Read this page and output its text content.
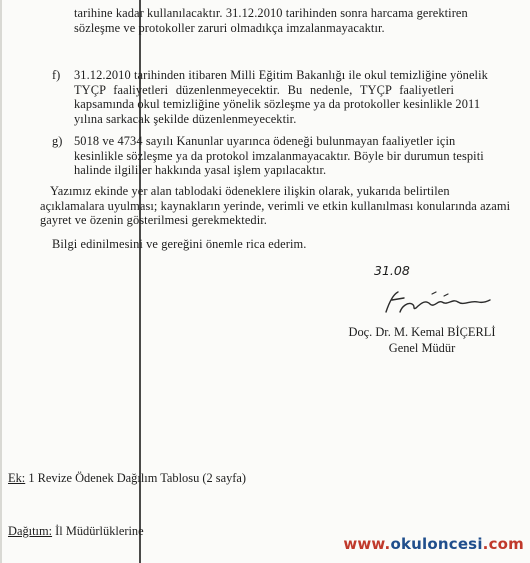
tarihine kadar kullanılacaktır. 31.12.2010 tarihinden sonra harcama gerektiren
sözleşme ve protokoller zaruri olmadıkça imzalanmayacaktır.
f) 31.12.2010 tarihinden itibaren Milli Eğitim Bakanlığı ile okul temizliğine yönelik
TYÇP faaliyetleri düzenlenmeyecektir. Bu nedenle, TYÇP faaliyetleri
kapsamında okul temizliğine yönelik sözleşme ya da protokoller kesinlikle 2011
yılına sarkacak şekilde düzenlenmeyecektir.
g) 5018 ve 4734 sayılı Kanunlar uyarınca ödeneği bulunmayan faaliyetler için
kesinlikle sözleşme ya da protokol imzalanmayacaktır. Böyle bir durumun tespiti
halinde ilgililer hakkında yasal işlem yapılacaktır.
Yazımız ekinde yer alan tablodaki ödeneklere ilişkin olarak, yukarıda belirtilen
açıklamalara uyulması; kaynakların yerinde, verimli ve etkin kullanılması konularında azami
gayret ve özenin gösterilmesi gerekmektedir.
Bilgi edinilmesini ve gereğini önemle rica ederim.
31.08
Doç. Dr. M. Kemal BİÇERLİ
Genel Müdür
Ek: 1 Revize Ödenek Dağılım Tablosu (2 sayfa)
Dağıtım: İl Müdürlüklerine
www.okuloncesi.com
